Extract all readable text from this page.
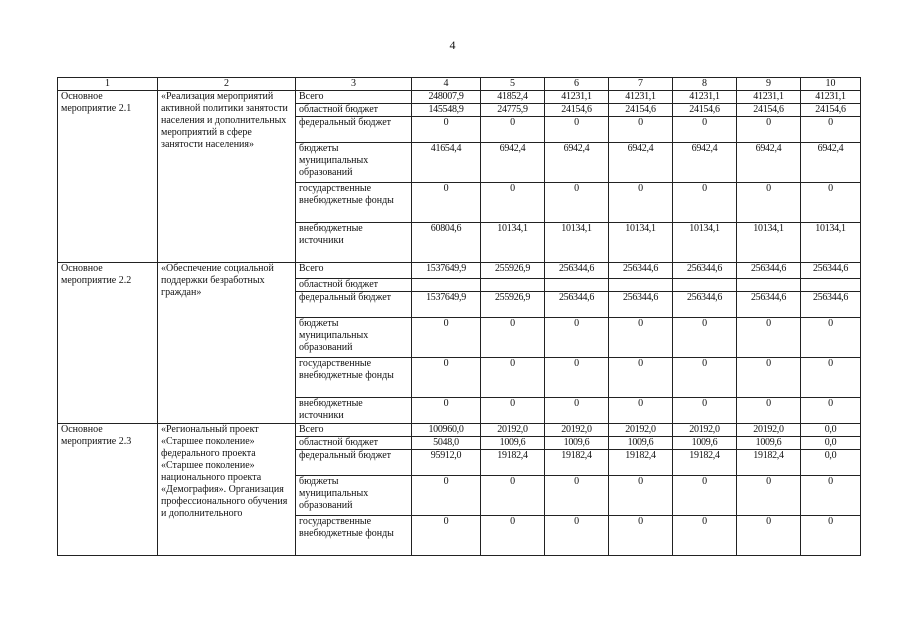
4
1	2	3	4	5	6	7	8	9	10
Основное мероприятие 2.1	«Реализация мероприятий активной политики занятости населения и дополнительных мероприятий в сфере занятости населения»	Всего	248007,9	41852,4	41231,1	41231,1	41231,1	41231,1	41231,1
		областной бюджет	145548,9	24775,9	24154,6	24154,6	24154,6	24154,6	24154,6
		федеральный бюджет	0	0	0	0	0	0	0
		бюджеты муниципальных образований	41654,4	6942,4	6942,4	6942,4	6942,4	6942,4	6942,4
		государственные внебюджетные фонды	0	0	0	0	0	0	0
		внебюджетные источники	60804,6	10134,1	10134,1	10134,1	10134,1	10134,1	10134,1
Основное мероприятие 2.2	«Обеспечение социальной поддержки безработных граждан»	Всего	1537649,9	255926,9	256344,6	256344,6	256344,6	256344,6	256344,6
		областной бюджет							
		федеральный бюджет	1537649,9	255926,9	256344,6	256344,6	256344,6	256344,6	256344,6
		бюджеты муниципальных образований	0	0	0	0	0	0	0
		государственные внебюджетные фонды	0	0	0	0	0	0	0
		внебюджетные источники	0	0	0	0	0	0	0
Основное мероприятие 2.3	«Региональный проект «Старшее поколение» федерального проекта «Старшее поколение» национального проекта «Демография». Организация профессионального обучения и дополнительного	Всего	100960,0	20192,0	20192,0	20192,0	20192,0	20192,0	0,0
		областной бюджет	5048,0	1009,6	1009,6	1009,6	1009,6	1009,6	0,0
		федеральный бюджет	95912,0	19182,4	19182,4	19182,4	19182,4	19182,4	0,0
		бюджеты муниципальных образований	0	0	0	0	0	0	0
		государственные внебюджетные фонды	0	0	0	0	0	0	0
